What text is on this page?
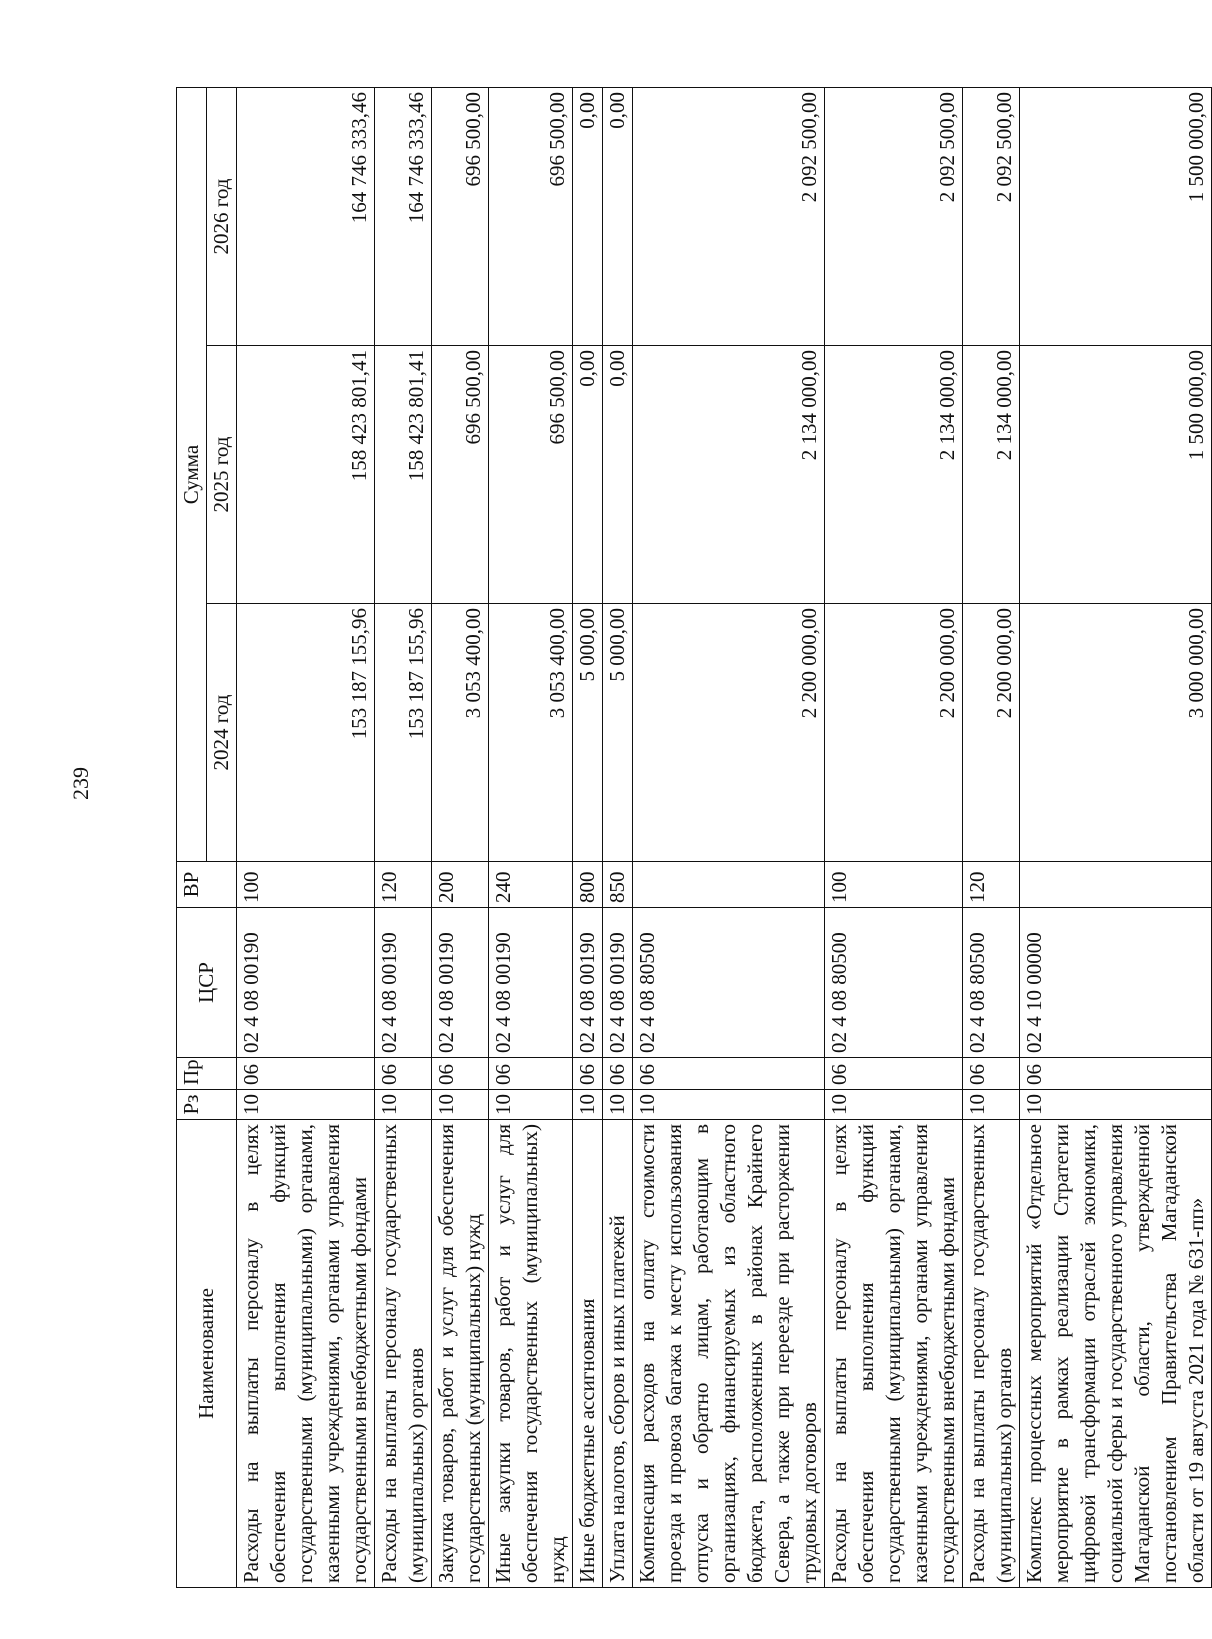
239
Наименование	Рз	Пр	ЦСР	ВР	Сумма		
					2024 год	2025 год	2026 год
Расходы на выплаты персоналу в целях обеспечения выполнения функций государственными (муниципальными) органами, казенными учреждениями, органами управления государственными внебюджетными фондами	10	06	02 4 08 00190	100	153 187 155,96	158 423 801,41	164 746 333,46
Расходы на выплаты персоналу государственных (муниципальных) органов	10	06	02 4 08 00190	120	153 187 155,96	158 423 801,41	164 746 333,46
Закупка товаров, работ и услуг для обеспечения государственных (муниципальных) нужд	10	06	02 4 08 00190	200	3 053 400,00	696 500,00	696 500,00
Иные закупки товаров, работ и услуг для обеспечения государственных (муниципальных) нужд	10	06	02 4 08 00190	240	3 053 400,00	696 500,00	696 500,00
Иные бюджетные ассигнования	10	06	02 4 08 00190	800	5 000,00	0,00	0,00
Уплата налогов, сборов и иных платежей	10	06	02 4 08 00190	850	5 000,00	0,00	0,00
Компенсация расходов на оплату стоимости проезда и провоза багажа к месту использования отпуска и обратно лицам, работающим в организациях, финансируемых из областного бюджета, расположенных в районах Крайнего Севера, а также при переезде при расторжении трудовых договоров	10	06	02 4 08 80500		2 200 000,00	2 134 000,00	2 092 500,00
Расходы на выплаты персоналу в целях обеспечения выполнения функций государственными (муниципальными) органами, казенными учреждениями, органами управления государственными внебюджетными фондами	10	06	02 4 08 80500	100	2 200 000,00	2 134 000,00	2 092 500,00
Расходы на выплаты персоналу государственных (муниципальных) органов	10	06	02 4 08 80500	120	2 200 000,00	2 134 000,00	2 092 500,00
Комплекс процессных мероприятий «Отдельное мероприятие в рамках реализации Стратегии цифровой трансформации отраслей экономики, социальной сферы и государственного управления Магаданской области, утвержденной постановлением Правительства Магаданской области от 19 августа 2021 года № 631-пп»	10	06	02 4 10 00000		3 000 000,00	1 500 000,00	1 500 000,00
